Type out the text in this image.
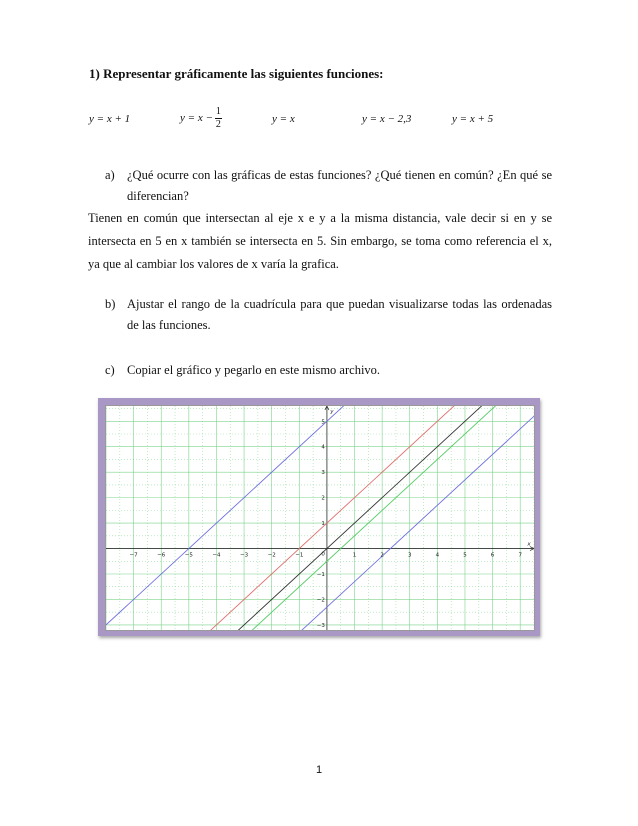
1) Representar gráficamente las siguientes funciones:
y = x + 1	$y = x - \frac{1}{2}$	y = x	y = x − 2,3	y = x + 5
a) ¿Qué ocurre con las gráficas de estas funciones? ¿Qué tienen en común? ¿En qué se diferencian?
Tienen en común que intersectan al eje x e y a la misma distancia, vale decir si en y se intersecta en 5 en x también se intersecta en 5. Sin embargo, se toma como referencia el x, ya que al cambiar los valores de x varía la grafica.
b) Ajustar el rango de la cuadrícula para que puedan visualizarse todas las ordenadas de las funciones.
c) Copiar el gráfico y pegarlo en este mismo archivo.
−7	−6	−5	−4	−3	−2	−1	1	2	3	4	5	6	7
5
4
3
2
1
−1
−2
−3
0
x
y
1
